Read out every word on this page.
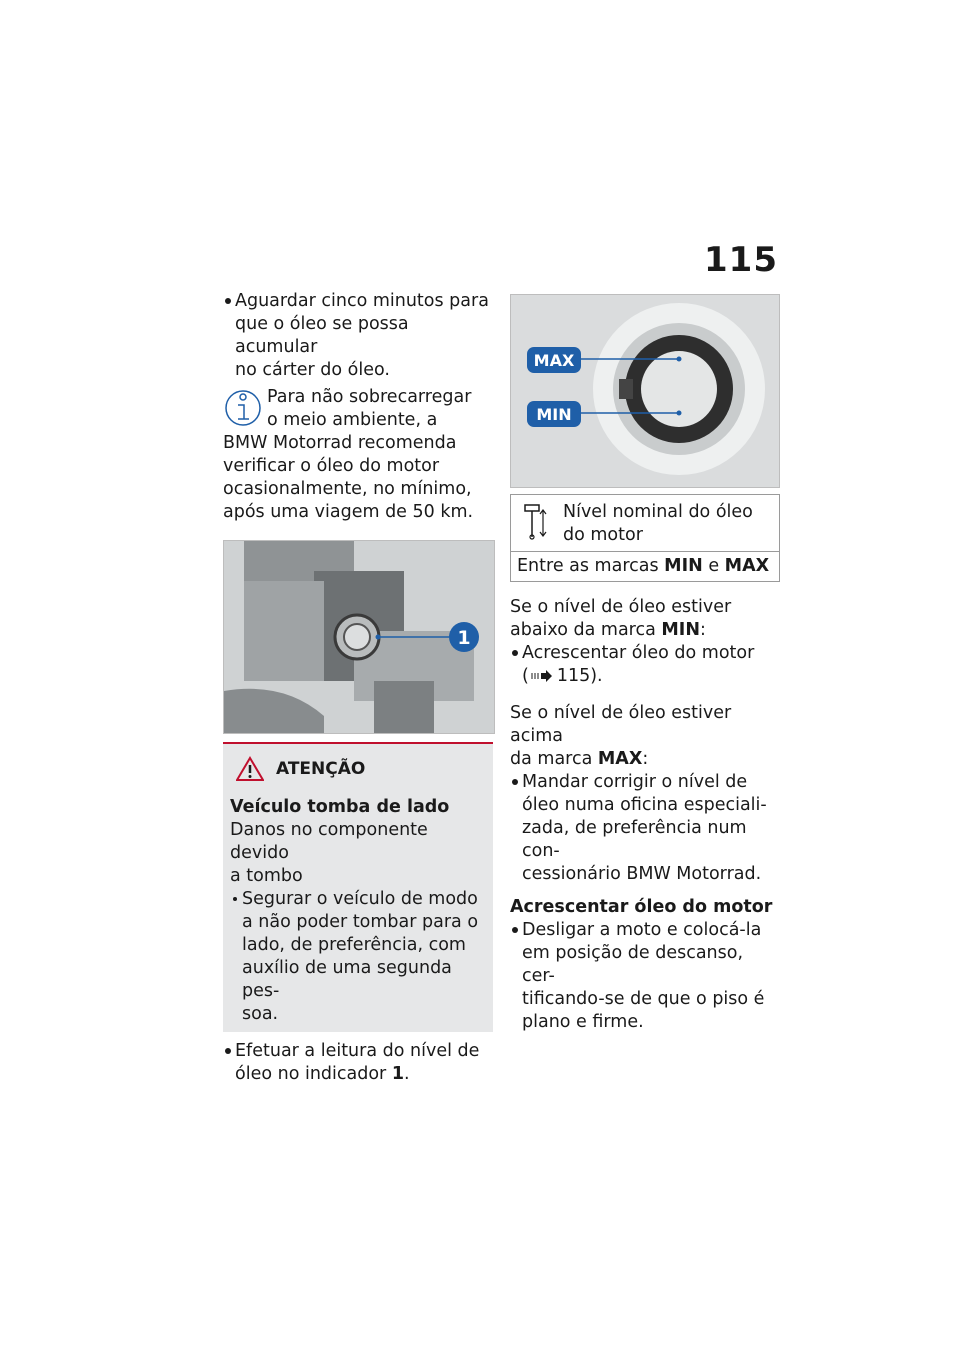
115
Aguardar cinco minutos para
que o óleo se possa acumular
no cárter do óleo.
Para não sobrecarregar
o meio ambiente, a
BMW Motorrad recomenda
verificar o óleo do motor
ocasionalmente, no mínimo,
após uma viagem de 50 km.
1
ATENÇÃO
Veículo tomba de lado
Danos no componente devido
a tombo
Segurar o veículo de modo
a não poder tombar para o
lado, de preferência, com
auxílio de uma segunda pes-
soa.
Efetuar a leitura do nível de
óleo no indicador 1.
MAX
MIN
Nível nominal do óleo
do motor
Entre as marcas MIN e MAX
Se o nível de óleo estiver
abaixo da marca MIN:
Acrescentar óleo do motor
( 115).
Se o nível de óleo estiver acima
da marca MAX:
Mandar corrigir o nível de
óleo numa oficina especiali-
zada, de preferência num con-
cessionário BMW Motorrad.
Acrescentar óleo do motor
Desligar a moto e colocá-la
em posição de descanso, cer-
tificando-se de que o piso é
plano e firme.
